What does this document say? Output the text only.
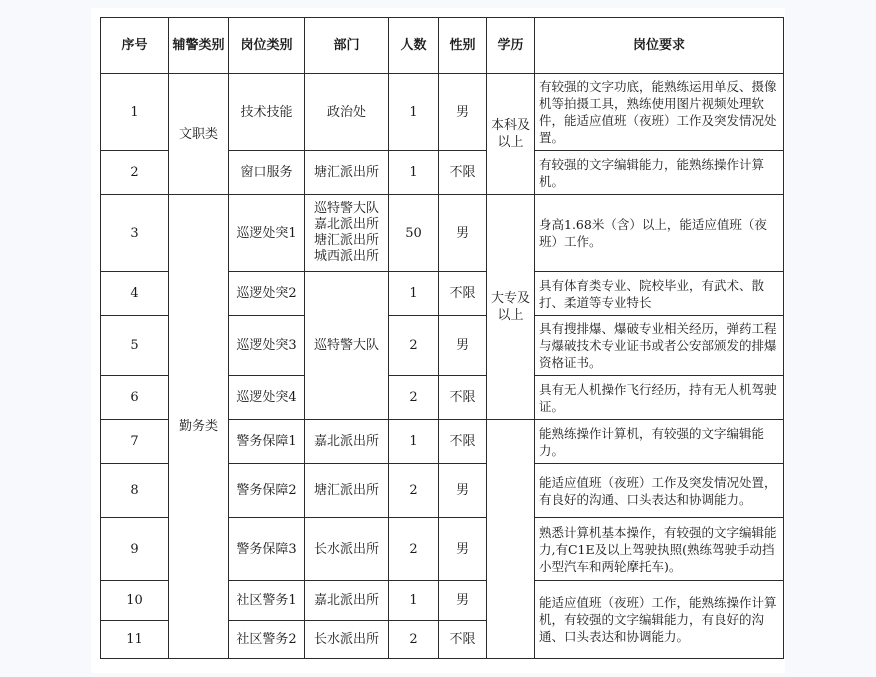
序号	辅警类别	岗位类别	部门	人数	性别	学历	岗位要求
1	文职类	技术技能	政治处	1	男	本科及以上	有较强的文字功底，能熟练运用单反、摄像机等拍摄工具，熟练使用图片视频处理软件，能适应值班（夜班）工作及突发情况处置。
2		窗口服务	塘汇派出所	1	不限		有较强的文字编辑能力，能熟练操作计算机。
3	勤务类	巡逻处突1	巡特警大队
嘉北派出所
塘汇派出所
城西派出所	50	男	大专及以上	身高1.68米（含）以上，能适应值班（夜班）工作。
4		巡逻处突2	巡特警大队	1	不限		具有体育类专业、院校毕业，有武术、散打、柔道等专业特长
5		巡逻处突3		2	男		具有搜排爆、爆破专业相关经历，弹药工程与爆破技术专业证书或者公安部颁发的排爆资格证书。
6		巡逻处突4		2	不限		具有无人机操作飞行经历，持有无人机驾驶证。
7		警务保障1	嘉北派出所	1	不限		能熟练操作计算机，有较强的文字编辑能力。
8		警务保障2	塘汇派出所	2	男		能适应值班（夜班）工作及突发情况处置，有良好的沟通、口头表达和协调能力。
9		警务保障3	长水派出所	2	男		熟悉计算机基本操作，有较强的文字编辑能力,有C1E及以上驾驶执照(熟练驾驶手动挡小型汽车和两轮摩托车)。
10		社区警务1	嘉北派出所	1	男		能适应值班（夜班）工作，能熟练操作计算机，有较强的文字编辑能力，有良好的沟通、口头表达和协调能力。
11		社区警务2	长水派出所	2	不限		
